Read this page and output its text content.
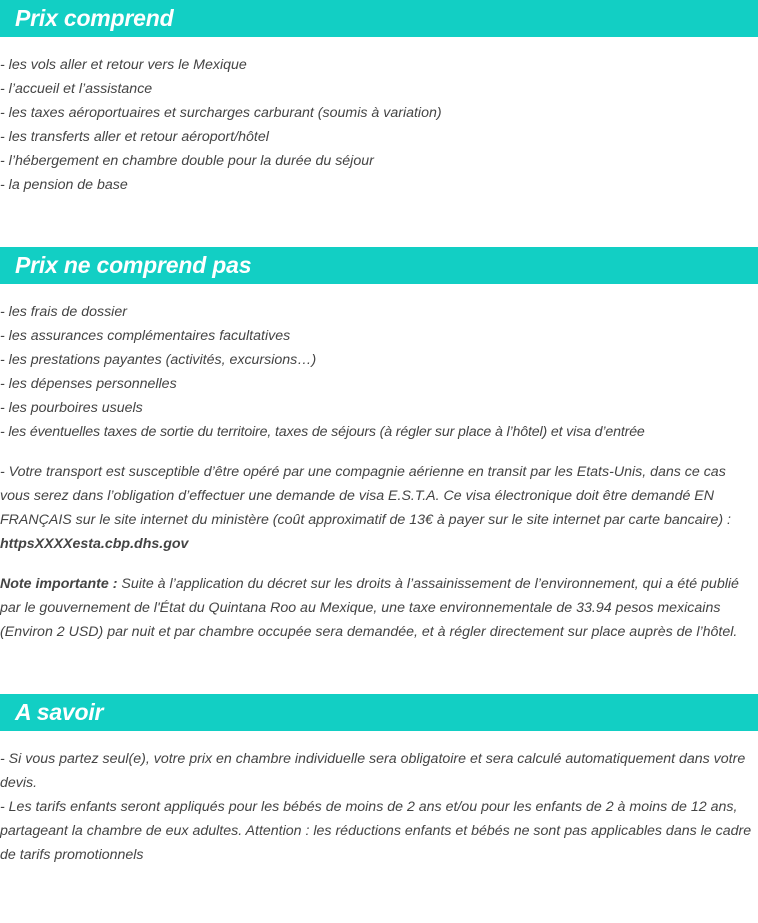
Prix comprend
- les vols aller et retour vers le Mexique
- l’accueil et l’assistance
- les taxes aéroportuaires et surcharges carburant (soumis à variation)
- les transferts aller et retour aéroport/hôtel
- l’hébergement en chambre double pour la durée du séjour
- la pension de base
Prix ne comprend pas
- les frais de dossier
- les assurances complémentaires facultatives
- les prestations payantes (activités, excursions…)
- les dépenses personnelles
- les pourboires usuels
- les éventuelles taxes de sortie du territoire, taxes de séjours (à régler sur place à l’hôtel) et visa d’entrée
- Votre transport est susceptible d’être opéré par une compagnie aérienne en transit par les Etats-Unis, dans ce cas vous serez dans l’obligation d’effectuer une demande de visa E.S.T.A. Ce visa électronique doit être demandé EN FRANÇAIS sur le site internet du ministère (coût approximatif de 13€ à payer sur le site internet par carte bancaire) :
httpsXXXXesta.cbp.dhs.gov
Note importante : Suite à l’application du décret sur les droits à l’assainissement de l’environnement, qui a été publié par le gouvernement de l'État du Quintana Roo au Mexique, une taxe environnementale de 33.94 pesos mexicains (Environ 2 USD) par nuit et par chambre occupée sera demandée, et à régler directement sur place auprès de l’hôtel.
A savoir
- Si vous partez seul(e), votre prix en chambre individuelle sera obligatoire et sera calculé automatiquement dans votre devis.
- Les tarifs enfants seront appliqués pour les bébés de moins de 2 ans et/ou pour les enfants de 2 à moins de 12 ans, partageant la chambre de eux adultes. Attention : les réductions enfants et bébés ne sont pas applicables dans le cadre de tarifs promotionnels
